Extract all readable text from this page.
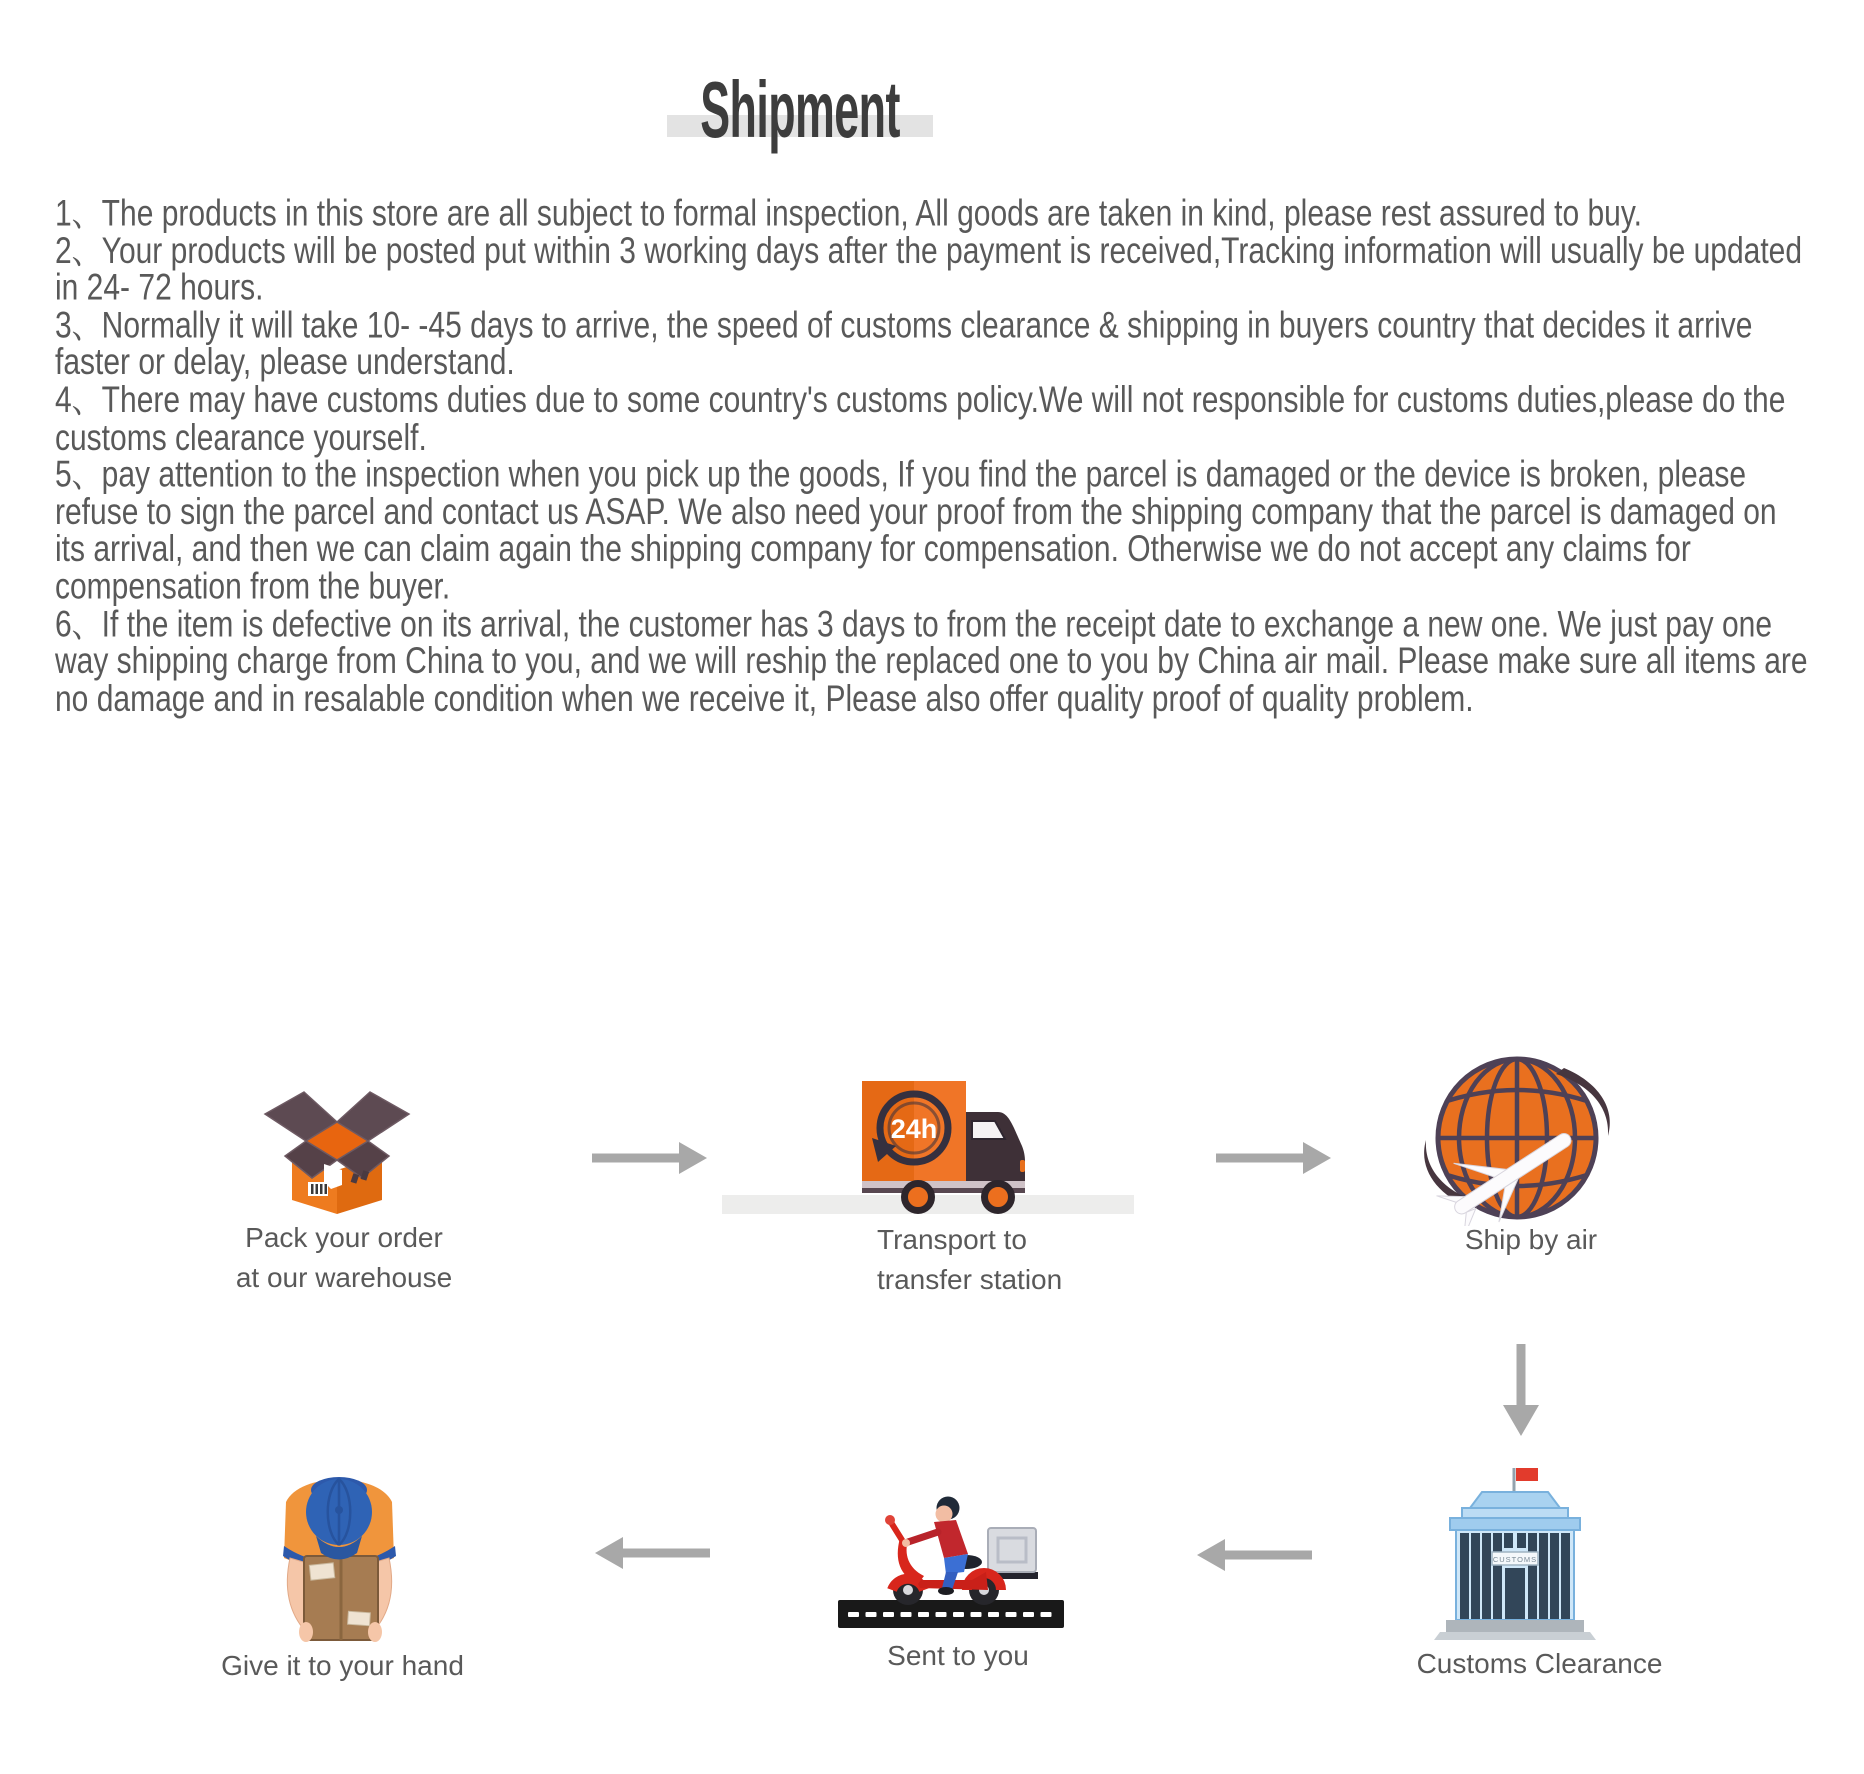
Shipment

1、The products in this store are all subject to formal inspection, All goods are taken in kind, please rest assured to buy.

2、Your products will be posted put within 3 working days after the payment is received,Tracking information will usually be updated in 24- 72 hours.

3、Normally it will take 10- -45 days to arrive, the speed of customs clearance & shipping in buyers country that decides it arrive faster or delay, please understand.

4、There may have customs duties due to some country's customs policy.We will not responsible for customs duties,please do the customs clearance yourself.

5、pay attention to the inspection when you pick up the goods, If you find the parcel is damaged or the device is broken, please refuse to sign the parcel and contact us ASAP. We also need your proof from the shipping company that the parcel is damaged on its arrival, and then we can claim again the shipping company for compensation. Otherwise we do not accept any claims for compensation from the buyer.

6、If the item is defective on its arrival, the customer has 3 days to from the receipt date to exchange a new one. We just pay one way shipping charge from China to you, and we will reship the replaced one to you by China air mail. Please make sure all items are no damage and in resalable condition when we receive it, Please also offer quality proof of quality problem.

Pack your order
at our warehouse
24h
Transport to
transfer station
Ship by air
CUSTOMS
Customs Clearance
Sent to you
Give it to your hand
